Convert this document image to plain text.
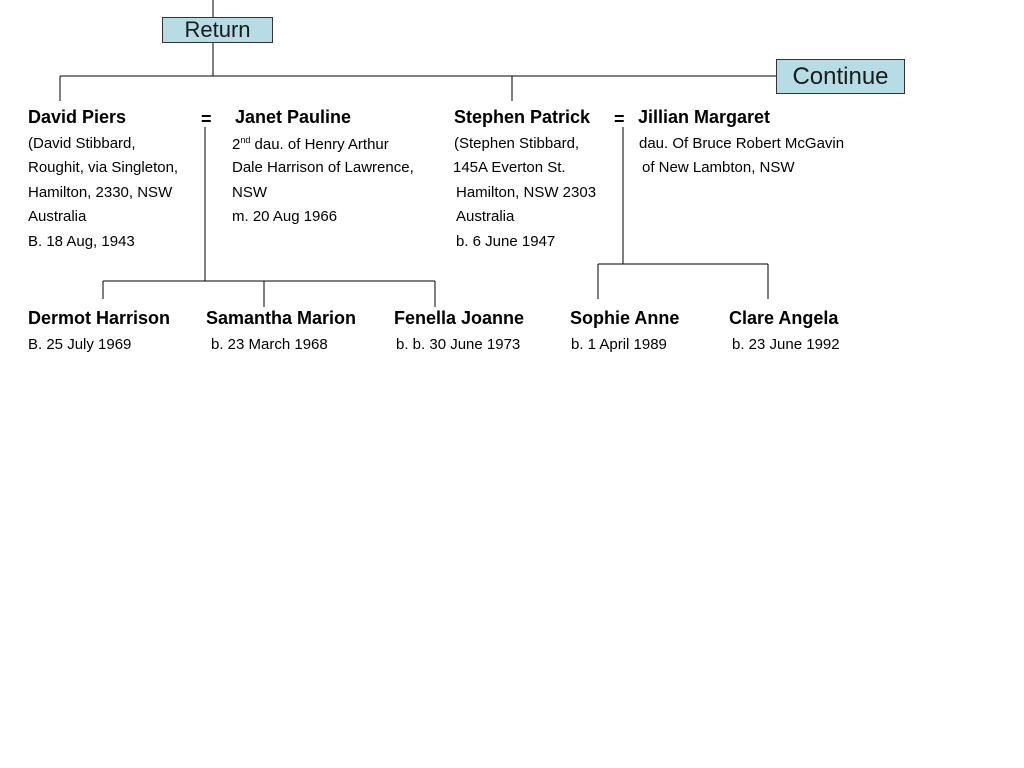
Return
Continue
David Piers
(David Stibbard,
Roughit, via Singleton,
Hamilton, 2330, NSW
Australia
B. 18 Aug, 1943
= Janet Pauline
2nd dau. of Henry Arthur
Dale Harrison of Lawrence,
NSW
m. 20 Aug 1966
Stephen Patrick
(Stephen Stibbard,
145A Everton St.
Hamilton, NSW 2303
Australia
b. 6 June 1947
= Jillian Margaret
dau. Of Bruce Robert McGavin
of New Lambton, NSW
Dermot Harrison
B. 25 July 1969
Samantha Marion
b. 23 March 1968
Fenella Joanne
b. b. 30 June 1973
Sophie Anne
b. 1 April 1989
Clare Angela
b. 23 June 1992
